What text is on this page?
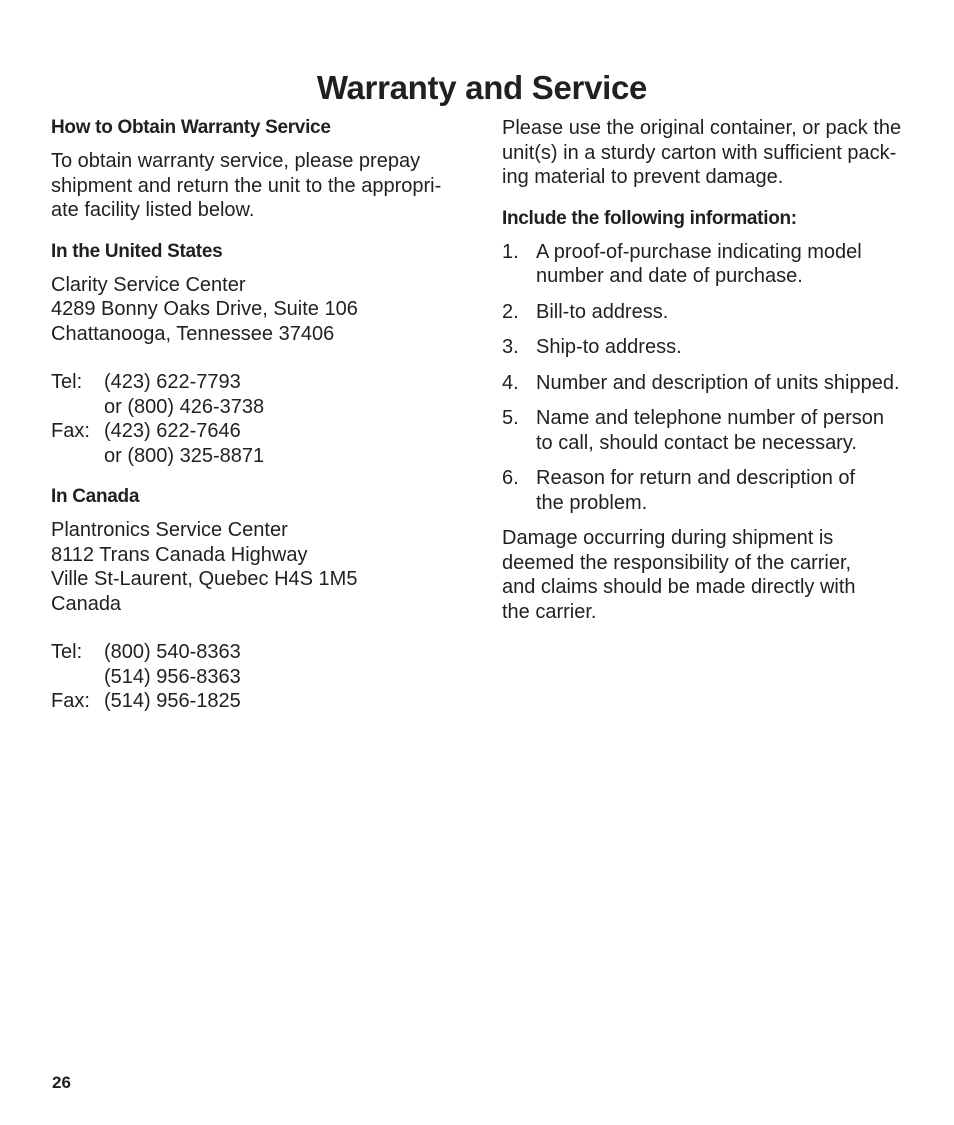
Warranty and Service
How to Obtain Warranty Service

To obtain warranty service, please prepay
shipment and return the unit to the appropri-
ate facility listed below.

In the United States

Clarity Service Center
4289 Bonny Oaks Drive, Suite 106
Chattanooga, Tennessee 37406

Tel:	(423) 622-7793
or (800) 426-3738
Fax: (423) 622-7646
or (800) 325-8871
In Canada

Plantronics Service Center
8112 Trans Canada Highway
Ville St-Laurent, Quebec H4S 1M5
Canada

Tel:	(800) 540-8363
(514) 956-8363
Fax: (514) 956-1825

Please use the original container, or pack the
unit(s) in a sturdy carton with sufficient pack-
ing material to prevent damage.

Include the following information:
1. A proof-of-purchase indicating model
number and date of purchase.
2. Bill-to address.
3. Ship-to address.
4. Number and description of units shipped.
5. Name and telephone number of person
to call, should contact be necessary.
6. Reason for return and description of
the problem.

Damage occurring during shipment is
deemed the responsibility of the carrier,
and claims should be made directly with
the carrier.

26
